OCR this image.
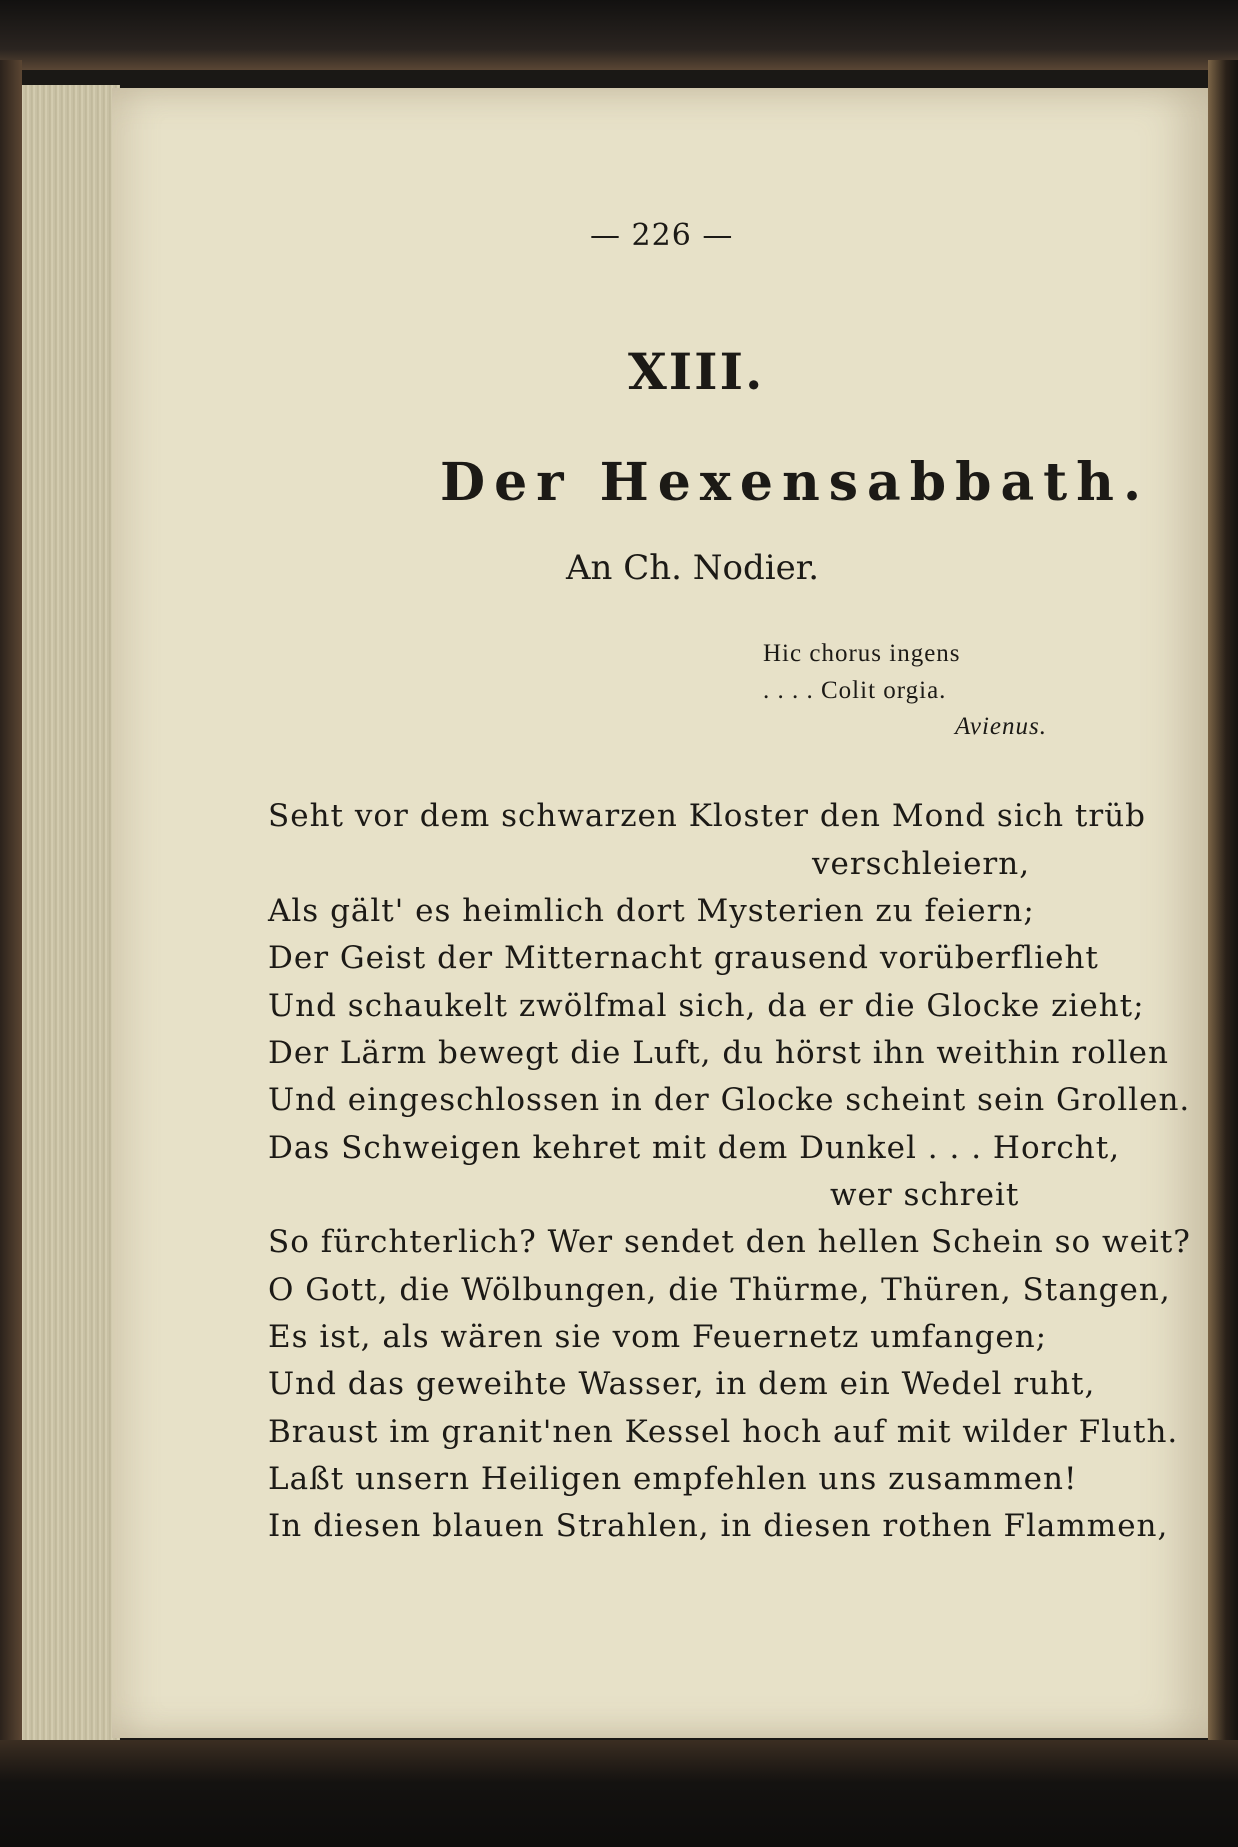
— 226 —
XIII.
Der Hexensabbath.
An Ch. Nodier.
Hic chorus ingens
. . . . Colit orgia.
Avienus.
Seht vor dem schwarzen Kloster den Mond sich trüb
verschleiern,
Als gält' es heimlich dort Mysterien zu feiern;
Der Geist der Mitternacht grausend vorüberflieht
Und schaukelt zwölfmal sich, da er die Glocke zieht;
Der Lärm bewegt die Luft, du hörst ihn weithin rollen
Und eingeschlossen in der Glocke scheint sein Grollen.
Das Schweigen kehret mit dem Dunkel . . . Horcht,
wer schreit
So fürchterlich? Wer sendet den hellen Schein so weit?
O Gott, die Wölbungen, die Thürme, Thüren, Stangen,
Es ist, als wären sie vom Feuernetz umfangen;
Und das geweihte Wasser, in dem ein Wedel ruht,
Braust im granit'nen Kessel hoch auf mit wilder Fluth.
Laßt unsern Heiligen empfehlen uns zusammen!
In diesen blauen Strahlen, in diesen rothen Flammen,
